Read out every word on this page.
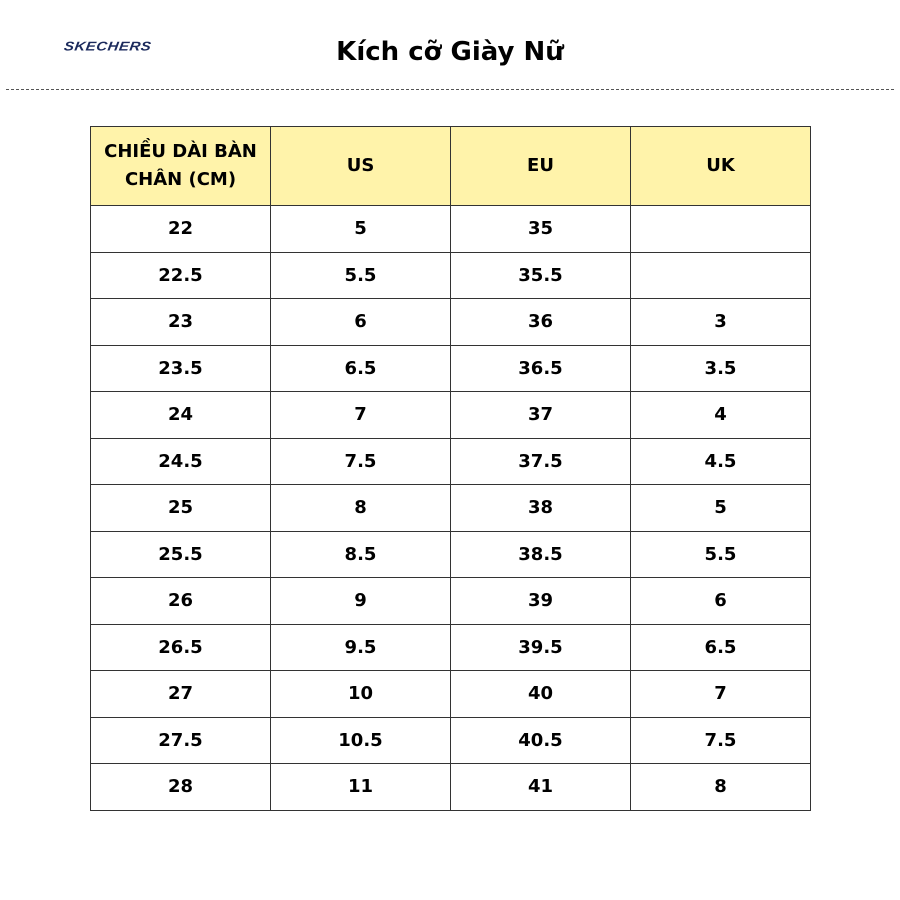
SKECHERS	Kích cỡ Giày Nữ
CHIỀU DÀI BÀN CHÂN (CM)	US	EU	UK
22	5	35	
22.5	5.5	35.5	
23	6	36	3
23.5	6.5	36.5	3.5
24	7	37	4
24.5	7.5	37.5	4.5
25	8	38	5
25.5	8.5	38.5	5.5
26	9	39	6
26.5	9.5	39.5	6.5
27	10	40	7
27.5	10.5	40.5	7.5
28	11	41	8
